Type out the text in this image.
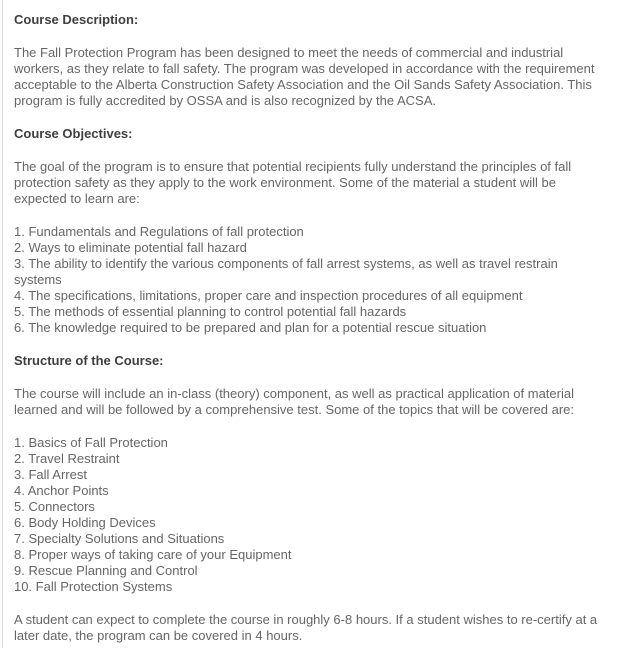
Course Description:

The Fall Protection Program has been designed to meet the needs of commercial and industrial workers, as they relate to fall safety. The program was developed in accordance with the requirement acceptable to the Alberta Construction Safety Association and the Oil Sands Safety Association. This program is fully accredited by OSSA and is also recognized by the ACSA.

Course Objectives:

The goal of the program is to ensure that potential recipients fully understand the principles of fall protection safety as they apply to the work environment. Some of the material a student will be expected to learn are:

1. Fundamentals and Regulations of fall protection
2. Ways to eliminate potential fall hazard
3. The ability to identify the various components of fall arrest systems, as well as travel restrain systems
4. The specifications, limitations, proper care and inspection procedures of all equipment
5. The methods of essential planning to control potential fall hazards
6. The knowledge required to be prepared and plan for a potential rescue situation
Structure of the Course:

The course will include an in-class (theory) component, as well as practical application of material learned and will be followed by a comprehensive test. Some of the topics that will be covered are:

1. Basics of Fall Protection
2. Travel Restraint
3. Fall Arrest
4. Anchor Points
5. Connectors
6. Body Holding Devices
7. Specialty Solutions and Situations
8. Proper ways of taking care of your Equipment
9. Rescue Planning and Control
10. Fall Protection Systems

A student can expect to complete the course in roughly 6-8 hours. If a student wishes to re-certify at a later date, the program can be covered in 4 hours.
